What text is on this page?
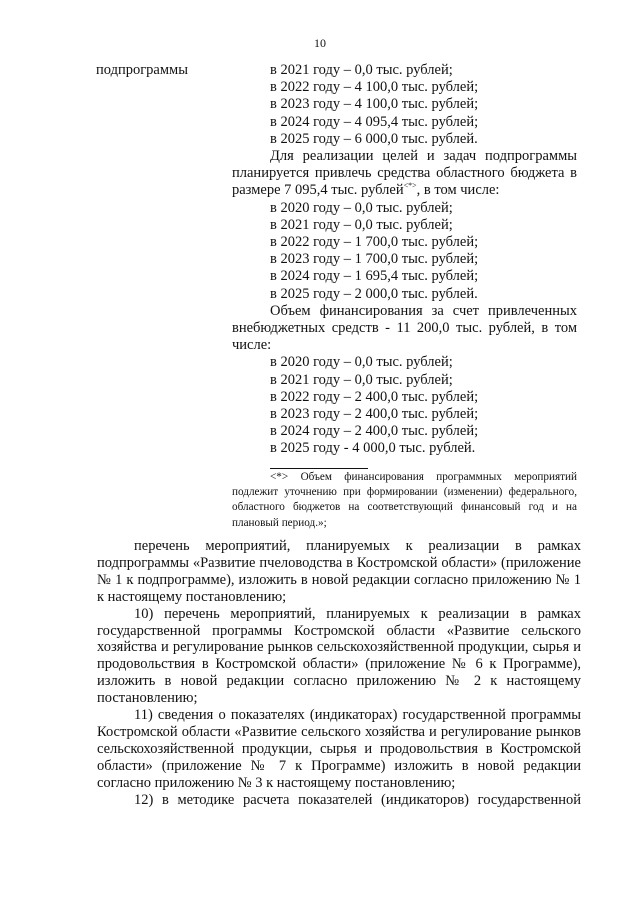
10
подпрограммы	в 2021 году – 0,0 тыс. рублей;
в 2022 году – 4 100,0 тыс. рублей;
в 2023 году – 4 100,0 тыс. рублей;
в 2024 году – 4 095,4 тыс. рублей;
в 2025 году – 6 000,0 тыс. рублей.
Для реализации целей и задач подпрограммы планируется привлечь средства областного бюджета в размере 7 095,4 тыс. рублей<*>, в том числе:
в 2020 году – 0,0 тыс. рублей;
в 2021 году – 0,0 тыс. рублей;
в 2022 году – 1 700,0 тыс. рублей;
в 2023 году – 1 700,0 тыс. рублей;
в 2024 году – 1 695,4 тыс. рублей;
в 2025 году – 2 000,0 тыс. рублей.
Объем финансирования за счет привлеченных внебюджетных средств - 11 200,0 тыс. рублей, в том числе:
в 2020 году – 0,0 тыс. рублей;
в 2021 году – 0,0 тыс. рублей;
в 2022 году – 2 400,0 тыс. рублей;
в 2023 году – 2 400,0 тыс. рублей;
в 2024 году – 2 400,0 тыс. рублей;
в 2025 году - 4 000,0 тыс. рублей.
<*> Объем финансирования программных мероприятий подлежит уточнению при формировании (изменении) федерального, областного бюджетов на соответствующий финансовый год и на плановый период.»;

перечень мероприятий, планируемых к реализации в рамках подпрограммы «Развитие пчеловодства в Костромской области» (приложение № 1 к подпрограмме), изложить в новой редакции согласно приложению № 1 к настоящему постановлению;

10) перечень мероприятий, планируемых к реализации в рамках государственной программы Костромской области «Развитие сельского хозяйства и регулирование рынков сельскохозяйственной продукции, сырья и продовольствия в Костромской области» (приложение № 6 к Программе), изложить в новой редакции согласно приложению № 2 к настоящему постановлению;

11) сведения о показателях (индикаторах) государственной программы Костромской области «Развитие сельского хозяйства и регулирование рынков сельскохозяйственной продукции, сырья и продовольствия в Костромской области» (приложение № 7 к Программе) изложить в новой редакции согласно приложению № 3 к настоящему постановлению;

12) в методике расчета показателей (индикаторов) государственной
